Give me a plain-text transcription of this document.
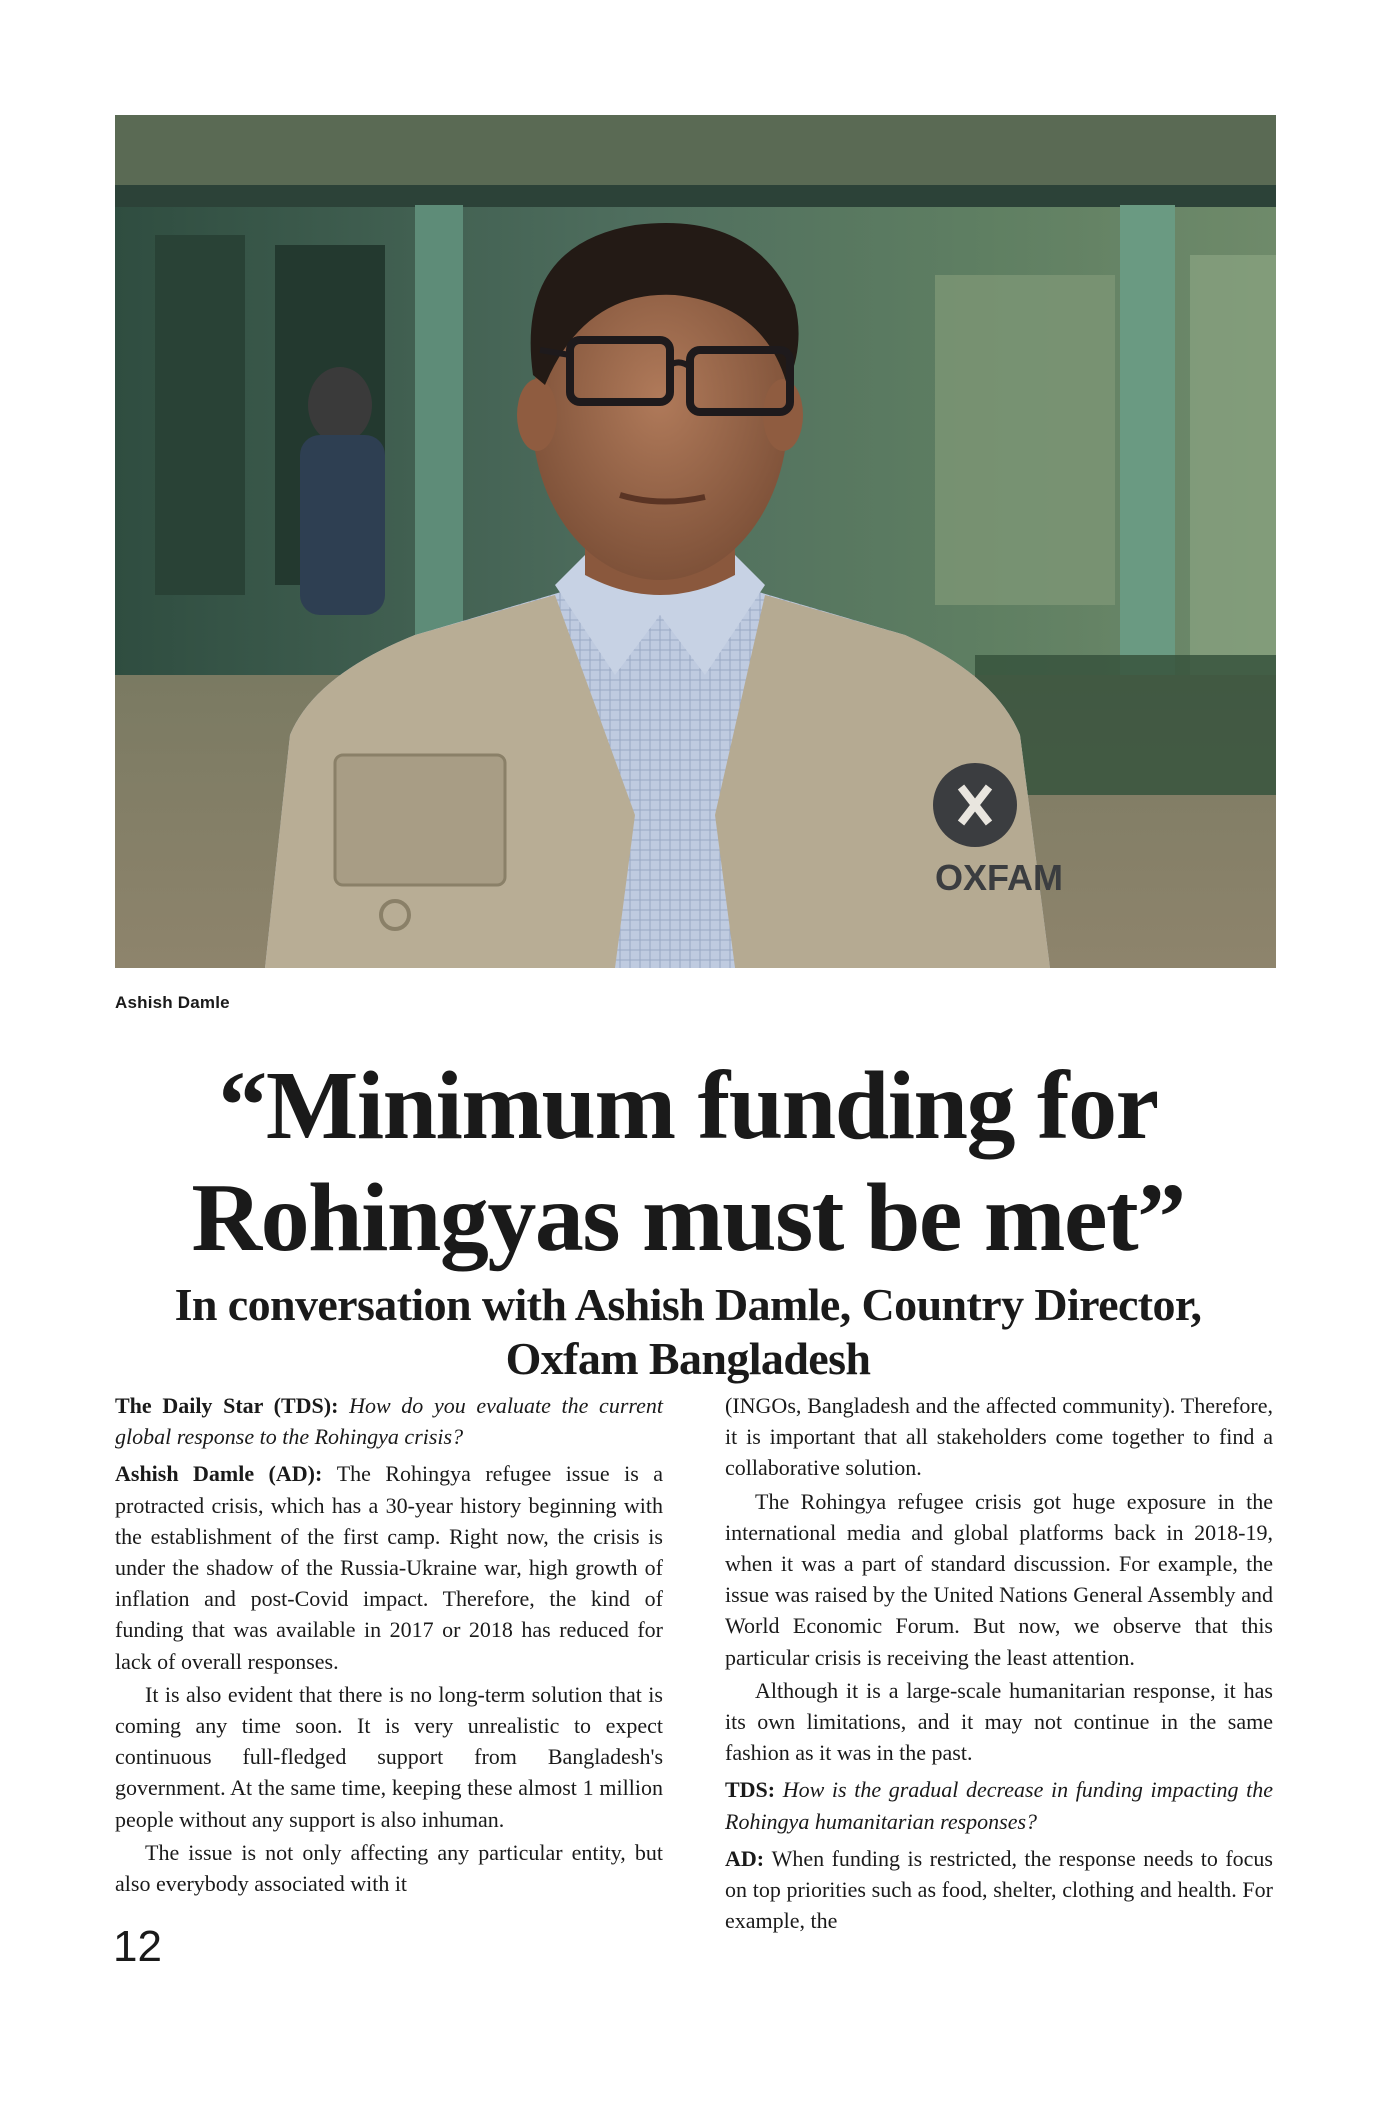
OXFAM
Ashish Damle
“Minimum funding for
Rohingyas must be met”
In conversation with Ashish Damle, Country Director,
Oxfam Bangladesh

The Daily Star (TDS): How do you evaluate the current global response to the Rohingya crisis?

Ashish Damle (AD): The Rohingya refugee issue is a protracted crisis, which has a 30-year history beginning with the establishment of the first camp. Right now, the crisis is under the shadow of the Russia-Ukraine war, high growth of inflation and post-Covid impact. Therefore, the kind of funding that was available in 2017 or 2018 has reduced for lack of overall responses.

It is also evident that there is no long-term solution that is coming any time soon. It is very unrealistic to expect continuous full-fledged support from Bangladesh's government. At the same time, keeping these almost 1 million people without any support is also inhuman.

The issue is not only affecting any particular entity, but also everybody associated with it

(INGOs, Bangladesh and the affected community). Therefore, it is important that all stakeholders come together to find a collaborative solution.

The Rohingya refugee crisis got huge exposure in the international media and global platforms back in 2018-19, when it was a part of standard discussion. For example, the issue was raised by the United Nations General Assembly and World Economic Forum. But now, we observe that this particular crisis is receiving the least attention.

Although it is a large-scale humanitarian response, it has its own limitations, and it may not continue in the same fashion as it was in the past.

TDS: How is the gradual decrease in funding impacting the Rohingya humanitarian responses?

AD: When funding is restricted, the response needs to focus on top priorities such as food, shelter, clothing and health. For example, the

12
